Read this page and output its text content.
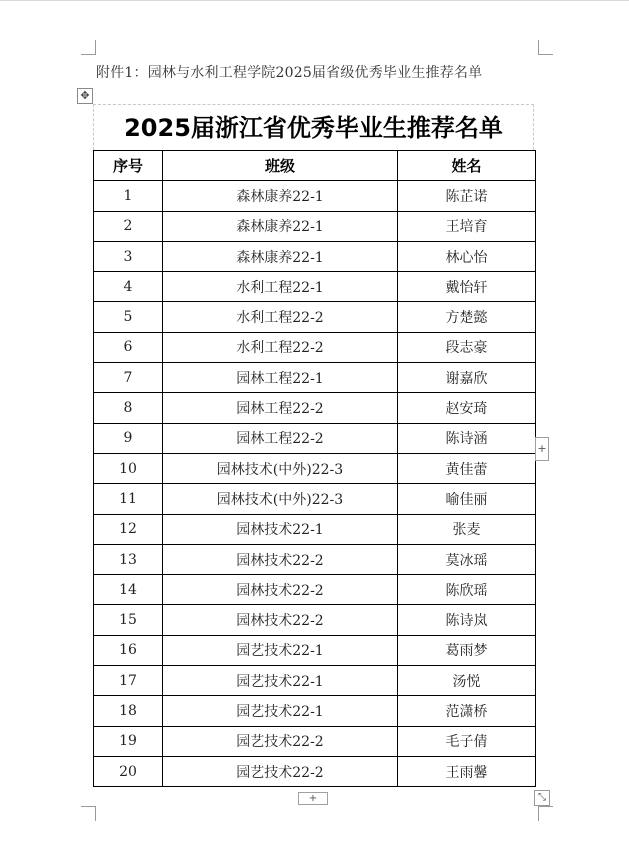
附件1：园林与水利工程学院2025届省级优秀毕业生推荐名单
✥
2025届浙江省优秀毕业生推荐名单
序号	班级	姓名
1	森林康养22-1	陈芷诺
2	森林康养22-1	王培育
3	森林康养22-1	林心怡
4	水利工程22-1	戴怡轩
5	水利工程22-2	方楚懿
6	水利工程22-2	段志豪
7	园林工程22-1	谢嘉欣
8	园林工程22-2	赵安琦
9	园林工程22-2	陈诗涵
10	园林技术(中外)22-3	黄佳蕾
11	园林技术(中外)22-3	喻佳丽
12	园林技术22-1	张麦
13	园林技术22-2	莫冰瑶
14	园林技术22-2	陈欣瑶
15	园林技术22-2	陈诗岚
16	园艺技术22-1	葛雨梦
17	园艺技术22-1	汤悦
18	园艺技术22-1	范潇桥
19	园艺技术22-2	毛子倩
20	园艺技术22-2	王雨馨
+
+	⤡
